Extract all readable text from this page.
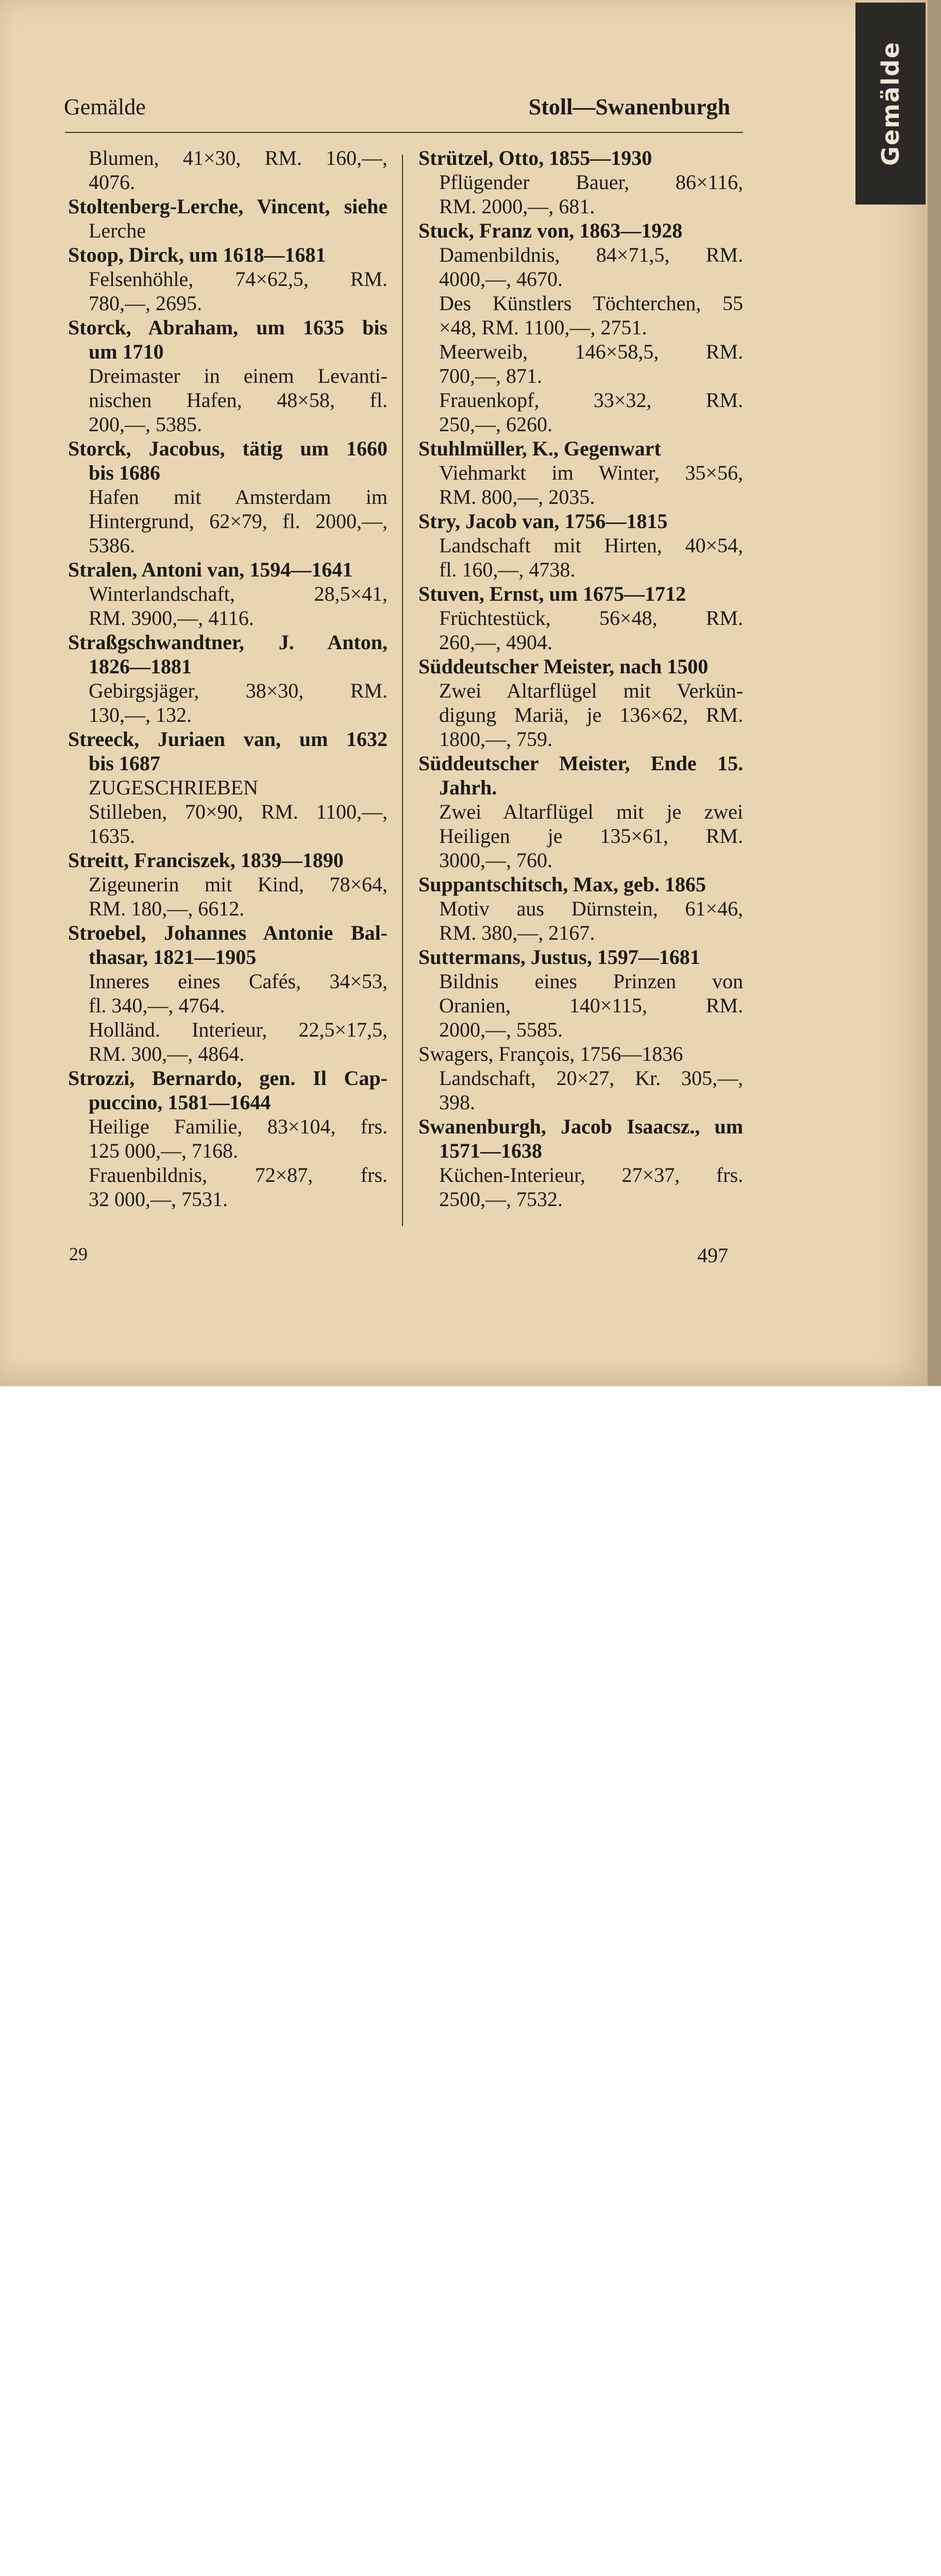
Gemälde
Gemälde	Stoll—Swanenburgh
Blumen, 41×30, RM. 160,—,
4076.
Stoltenberg-Lerche, Vincent, siehe
Lerche
Stoop, Dirck, um 1618—1681
Felsenhöhle, 74×62,5, RM.
780,—, 2695.
Storck, Abraham, um 1635 bis
um 1710
Dreimaster in einem Levanti-
nischen Hafen, 48×58, fl.
200,—, 5385.
Storck, Jacobus, tätig um 1660
bis 1686
Hafen mit Amsterdam im
Hintergrund, 62×79, fl. 2000,—,
5386.
Stralen, Antoni van, 1594—1641
Winterlandschaft, 28,5×41,
RM. 3900,—, 4116.
Straßgschwandtner, J. Anton,
1826—1881
Gebirgsjäger, 38×30, RM.
130,—, 132.
Streeck, Juriaen van, um 1632
bis 1687
ZUGESCHRIEBEN
Stilleben, 70×90, RM. 1100,—,
1635.
Streitt, Franciszek, 1839—1890
Zigeunerin mit Kind, 78×64,
RM. 180,—, 6612.
Stroebel, Johannes Antonie Bal-
thasar, 1821—1905
Inneres eines Cafés, 34×53,
fl. 340,—, 4764.
Holländ. Interieur, 22,5×17,5,
RM. 300,—, 4864.
Strozzi, Bernardo, gen. Il Cap-
puccino, 1581—1644
Heilige Familie, 83×104, frs.
125 000,—, 7168.
Frauenbildnis, 72×87, frs.
32 000,—, 7531.
Strützel, Otto, 1855—1930
Pflügender Bauer, 86×116,
RM. 2000,—, 681.
Stuck, Franz von, 1863—1928
Damenbildnis, 84×71,5, RM.
4000,—, 4670.
Des Künstlers Töchterchen, 55
×48, RM. 1100,—, 2751.
Meerweib, 146×58,5, RM.
700,—, 871.
Frauenkopf, 33×32, RM.
250,—, 6260.
Stuhlmüller, K., Gegenwart
Viehmarkt im Winter, 35×56,
RM. 800,—, 2035.
Stry, Jacob van, 1756—1815
Landschaft mit Hirten, 40×54,
fl. 160,—, 4738.
Stuven, Ernst, um 1675—1712
Früchtestück, 56×48, RM.
260,—, 4904.
Süddeutscher Meister, nach 1500
Zwei Altarflügel mit Verkün-
digung Mariä, je 136×62, RM.
1800,—, 759.
Süddeutscher Meister, Ende 15.
Jahrh.
Zwei Altarflügel mit je zwei
Heiligen je 135×61, RM.
3000,—, 760.
Suppantschitsch, Max, geb. 1865
Motiv aus Dürnstein, 61×46,
RM. 380,—, 2167.
Suttermans, Justus, 1597—1681
Bildnis eines Prinzen von
Oranien, 140×115, RM.
2000,—, 5585.
Swagers, François, 1756—1836
Landschaft, 20×27, Kr. 305,—,
398.
Swanenburgh, Jacob Isaacsz., um
1571—1638
Küchen-Interieur, 27×37, frs.
2500,—, 7532.
29	497
